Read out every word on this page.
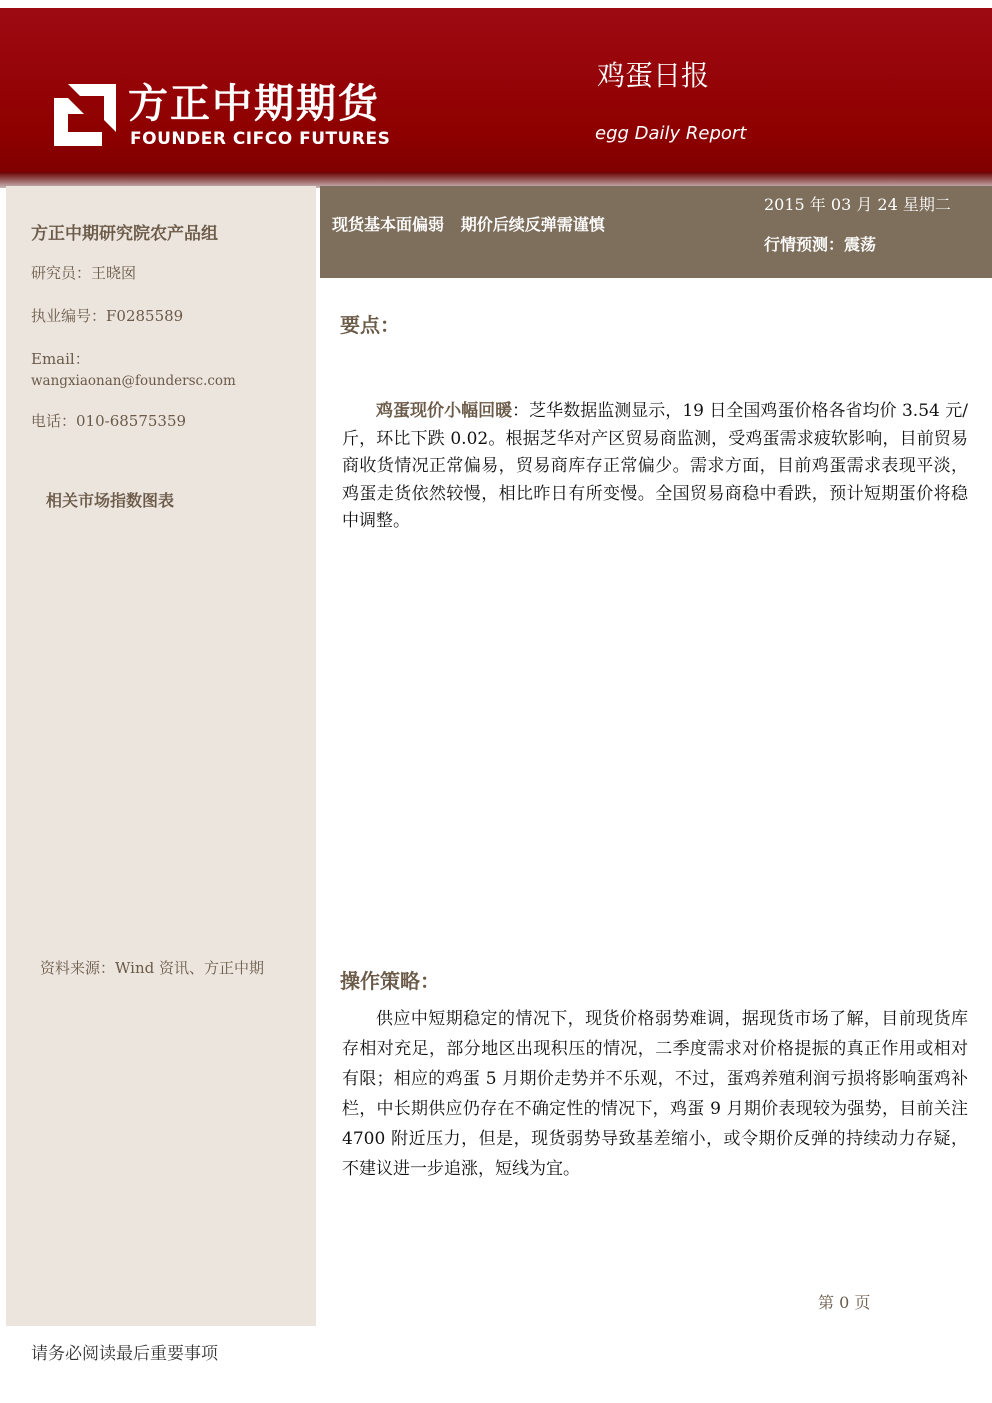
方正中期期货
FOUNDER CIFCO FUTURES
鸡蛋日报
egg Daily Report
方正中期研究院农产品组
研究员：王晓囡
执业编号：F0285589
Email：
wangxiaonan@foundersc.com
电话：010-68575359
相关市场指数图表
资料来源：Wind 资讯、方正中期
现货基本面偏弱   期价后续反弹需谨慎
2015 年 03 月 24 星期二
行情预测：震荡
要点：
鸡蛋现价小幅回暖：芝华数据监测显示，19 日全国鸡蛋价格各省均价 3.54 元/斤，环比下跌 0.02。根据芝华对产区贸易商监测，受鸡蛋需求疲软影响，目前贸易商收货情况正常偏易，贸易商库存正常偏少。需求方面，目前鸡蛋需求表现平淡，鸡蛋走货依然较慢，相比昨日有所变慢。全国贸易商稳中看跌，预计短期蛋价将稳中调整。
操作策略：
供应中短期稳定的情况下，现货价格弱势难调，据现货市场了解，目前现货库存相对充足，部分地区出现积压的情况，二季度需求对价格提振的真正作用或相对有限；相应的鸡蛋 5 月期价走势并不乐观，不过，蛋鸡养殖利润亏损将影响蛋鸡补栏，中长期供应仍存在不确定性的情况下，鸡蛋 9 月期价表现较为强势，目前关注 4700 附近压力，但是，现货弱势导致基差缩小，或令期价反弹的持续动力存疑，不建议进一步追涨，短线为宜。
第 0 页
请务必阅读最后重要事项
